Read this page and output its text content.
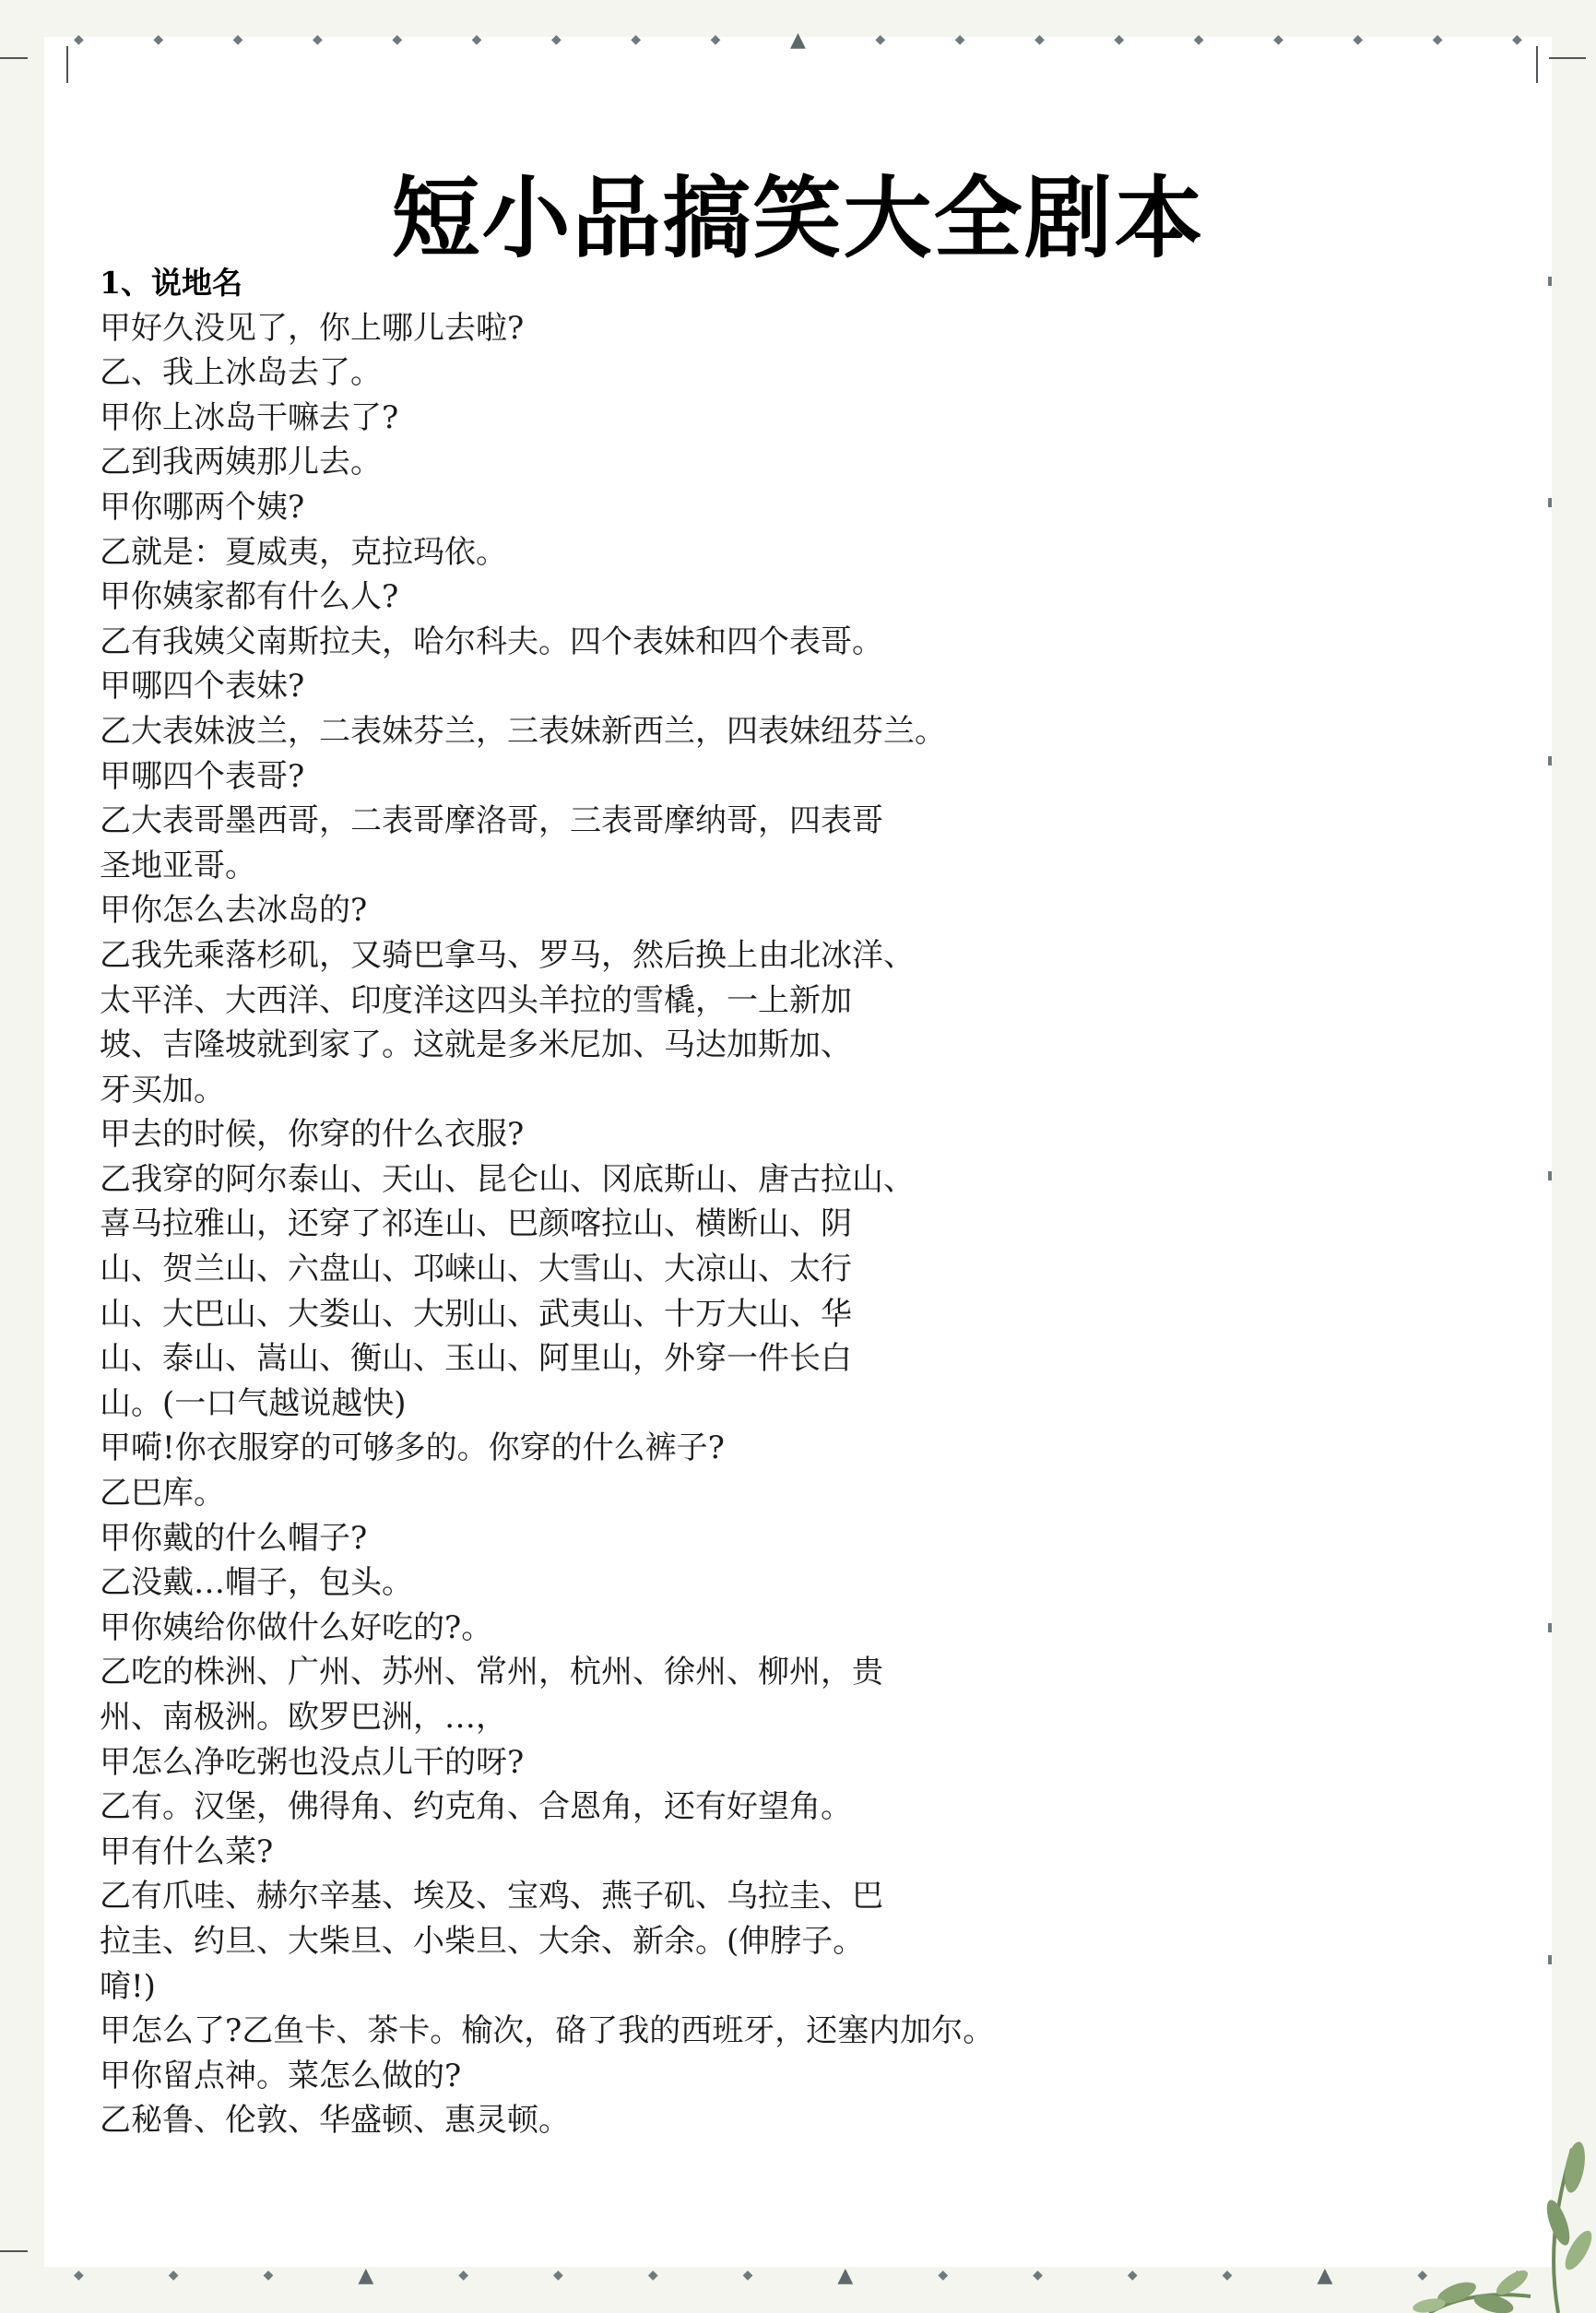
◆	◆	◆	◆	◆	◆	◆	◆	◆	▲	◆	◆	◆	◆	◆	◆	◆	◆	◆
◆	◆	◆	▲	◆	◆	◆	◆	▲	◆	◆	◆	◆	▲	◆
短小品搞笑大全剧本
1、说地名
甲好久没见了，你上哪儿去啦?
乙、我上冰岛去了。
甲你上冰岛干嘛去了?
乙到我两姨那儿去。
甲你哪两个姨?
乙就是：夏威夷，克拉玛依。
甲你姨家都有什么人?
乙有我姨父南斯拉夫，哈尔科夫。四个表妹和四个表哥。
甲哪四个表妹?
乙大表妹波兰，二表妹芬兰，三表妹新西兰，四表妹纽芬兰。
甲哪四个表哥?
乙大表哥墨西哥，二表哥摩洛哥，三表哥摩纳哥，四表哥
圣地亚哥。
甲你怎么去冰岛的?
乙我先乘落杉矶，又骑巴拿马、罗马，然后换上由北冰洋、
太平洋、大西洋、印度洋这四头羊拉的雪橇，一上新加
坡、吉隆坡就到家了。这就是多米尼加、马达加斯加、
牙买加。
甲去的时候，你穿的什么衣服?
乙我穿的阿尔泰山、天山、昆仑山、冈底斯山、唐古拉山、
喜马拉雅山，还穿了祁连山、巴颜喀拉山、横断山、阴
山、贺兰山、六盘山、邛崃山、大雪山、大凉山、太行
山、大巴山、大娄山、大别山、武夷山、十万大山、华
山、泰山、嵩山、衡山、玉山、阿里山，外穿一件长白
山。(一口气越说越快)
甲嗬!你衣服穿的可够多的。你穿的什么裤子?
乙巴库。
甲你戴的什么帽子?
乙没戴…帽子，包头。
甲你姨给你做什么好吃的?。
乙吃的株洲、广州、苏州、常州，杭州、徐州、柳州，贵
州、南极洲。欧罗巴洲，…，
甲怎么净吃粥也没点儿干的呀?
乙有。汉堡，佛得角、约克角、合恩角，还有好望角。
甲有什么菜?
乙有爪哇、赫尔辛基、埃及、宝鸡、燕子矶、乌拉圭、巴
拉圭、约旦、大柴旦、小柴旦、大余、新余。(伸脖子。
唷!)
甲怎么了?乙鱼卡、茶卡。榆次，硌了我的西班牙，还塞内加尔。
甲你留点神。菜怎么做的?
乙秘鲁、伦敦、华盛顿、惠灵顿。
